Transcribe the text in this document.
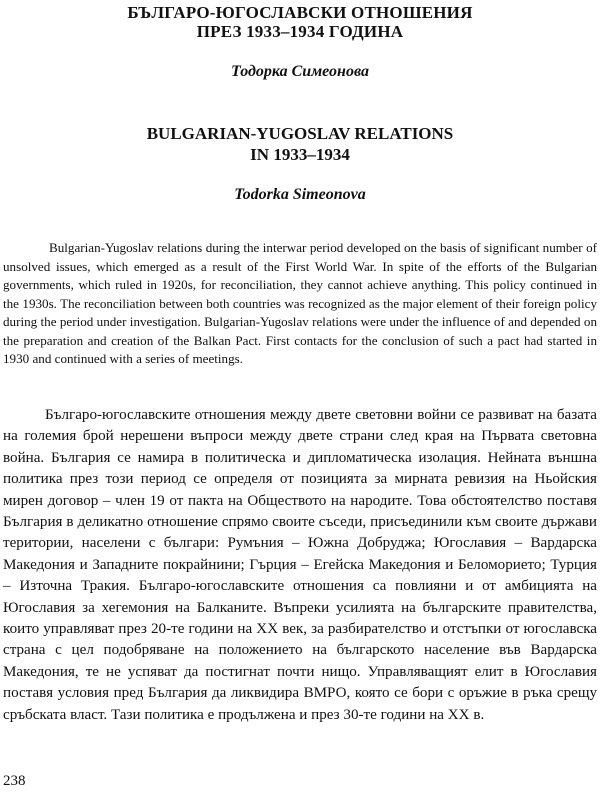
БЪЛГАРО-ЮГОСЛАВСКИ ОТНОШЕНИЯ
ПРЕЗ 1933–1934 ГОДИНА
Тодорка Симеонова
BULGARIAN-YUGOSLAV RELATIONS
IN 1933–1934
Todorka Simeonova

Bulgarian-Yugoslav relations during the interwar period developed on the basis of significant number of unsolved issues, which emerged as a result of the First World War. In spite of the efforts of the Bulgarian governments, which ruled in 1920s, for reconciliation, they cannot achieve anything. This policy continued in the 1930s. The reconciliation between both countries was recognized as the major element of their foreign policy during the period under investigation. Bulgarian-Yugoslav relations were under the influence of and depended on the preparation and creation of the Balkan Pact. First contacts for the conclusion of such a pact had started in 1930 and continued with a series of meetings.

Българо-югославските отношения между двете световни войни се развиват на базата на големия брой нерешени въпроси между двете страни след края на Първата световна война. България се намира в политическа и дипломатическа изолация. Нейната външна политика през този период се определя от позицията за мирната ревизия на Ньойския мирен договор – член 19 от пакта на Обществото на народите. Това обстоятелство поставя България в деликатно отношение спрямо своите съседи, присъединили към своите държави територии, населени с българи: Румъния – Южна Добруджа; Югославия – Вардарска Македония и Западните покрайнини; Гърция – Егейска Македония и Беломорието; Турция – Източна Тракия. Българо-югославските отношения са повлияни и от амбицията на Югославия за хегемония на Балканите. Въпреки усилията на българските правителства, които управляват през 20-те години на ХХ век, за разбирателство и отстъпки от югославска страна с цел подобряване на положението на българското население във Вардарска Македония, те не успяват да постигнат почти нищо. Управляващият елит в Югославия поставя условия пред България да ликвидира ВМРО, която се бори с оръжие в ръка срещу сръбската власт. Тази политика е продължена и през 30-те години на ХХ в.

238
